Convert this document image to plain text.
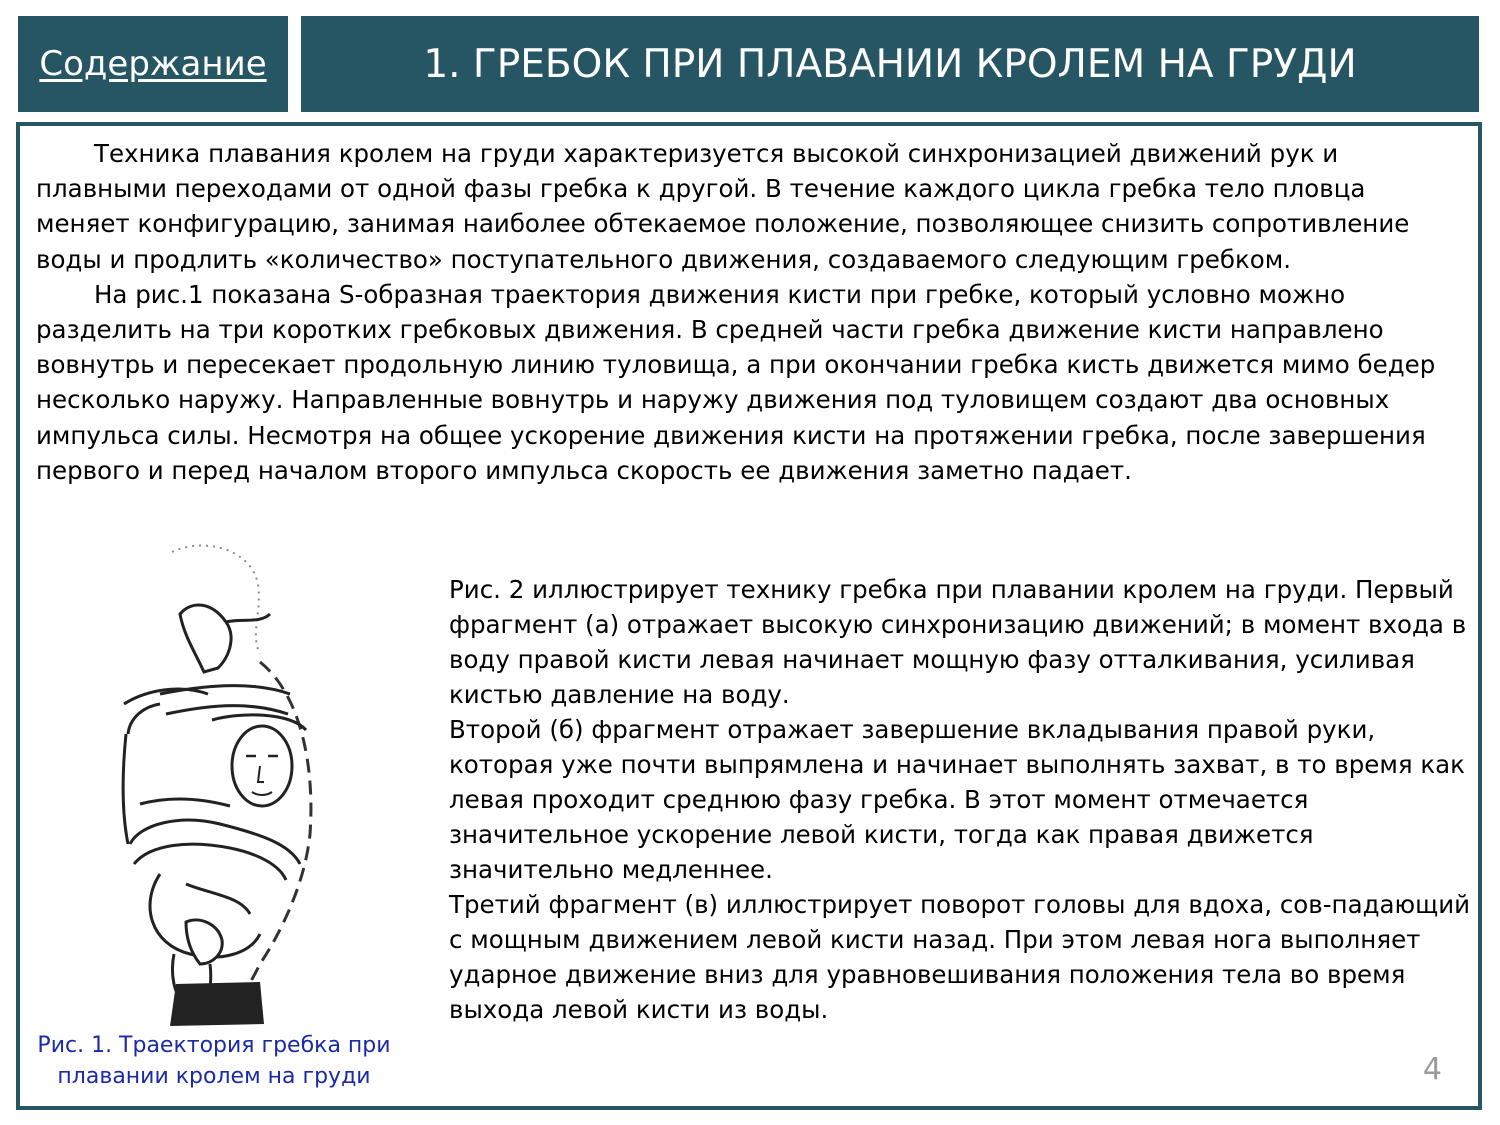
Содержание	1. ГРЕБОК ПРИ ПЛАВАНИИ КРОЛЕМ НА ГРУДИ

Техника плавания кролем на груди характеризуется высокой синхронизацией движений рук и плавными переходами от одной фазы гребка к другой. В течение каждого цикла гребка тело пловца меняет конфигурацию, занимая наиболее обтекаемое положение, позволяющее снизить сопротивление воды и продлить «количество» поступательного движения, создаваемого следующим гребком.

На рис.1 показана S-образная траектория движения кисти при гребке, который условно можно разделить на три коротких гребковых движения. В средней части гребка движение кисти направлено вовнутрь и пересекает продольную линию туловища, а при окончании гребка кисть движется мимо бедер несколько наружу. Направленные вовнутрь и наружу движения под туловищем создают два основных импульса силы. Несмотря на общее ускорение движения кисти на протяжении гребка, после завершения первого и перед началом второго импульса скорость ее движения заметно падает.

Рис. 1. Траектория гребка при плавании кролем на груди

Рис. 2 иллюстрирует технику гребка при плавании кролем на груди. Первый фрагмент (а) отражает высокую синхронизацию движений; в момент входа в воду правой кисти левая начинает мощную фазу отталкивания, усиливая кистью давление на воду.

Второй (б) фрагмент отражает завершение вкладывания правой руки, которая уже почти выпрямлена и начинает выполнять захват, в то время как левая проходит среднюю фазу гребка. В этот момент отмечается значительное ускорение левой кисти, тогда как правая движется значительно медленнее.

Третий фрагмент (в) иллюстрирует поворот головы для вдоха, сов-падающий с мощным движением левой кисти назад. При этом левая нога выполняет ударное движение вниз для уравновешивания положения тела во время выхода левой кисти из воды.

4
